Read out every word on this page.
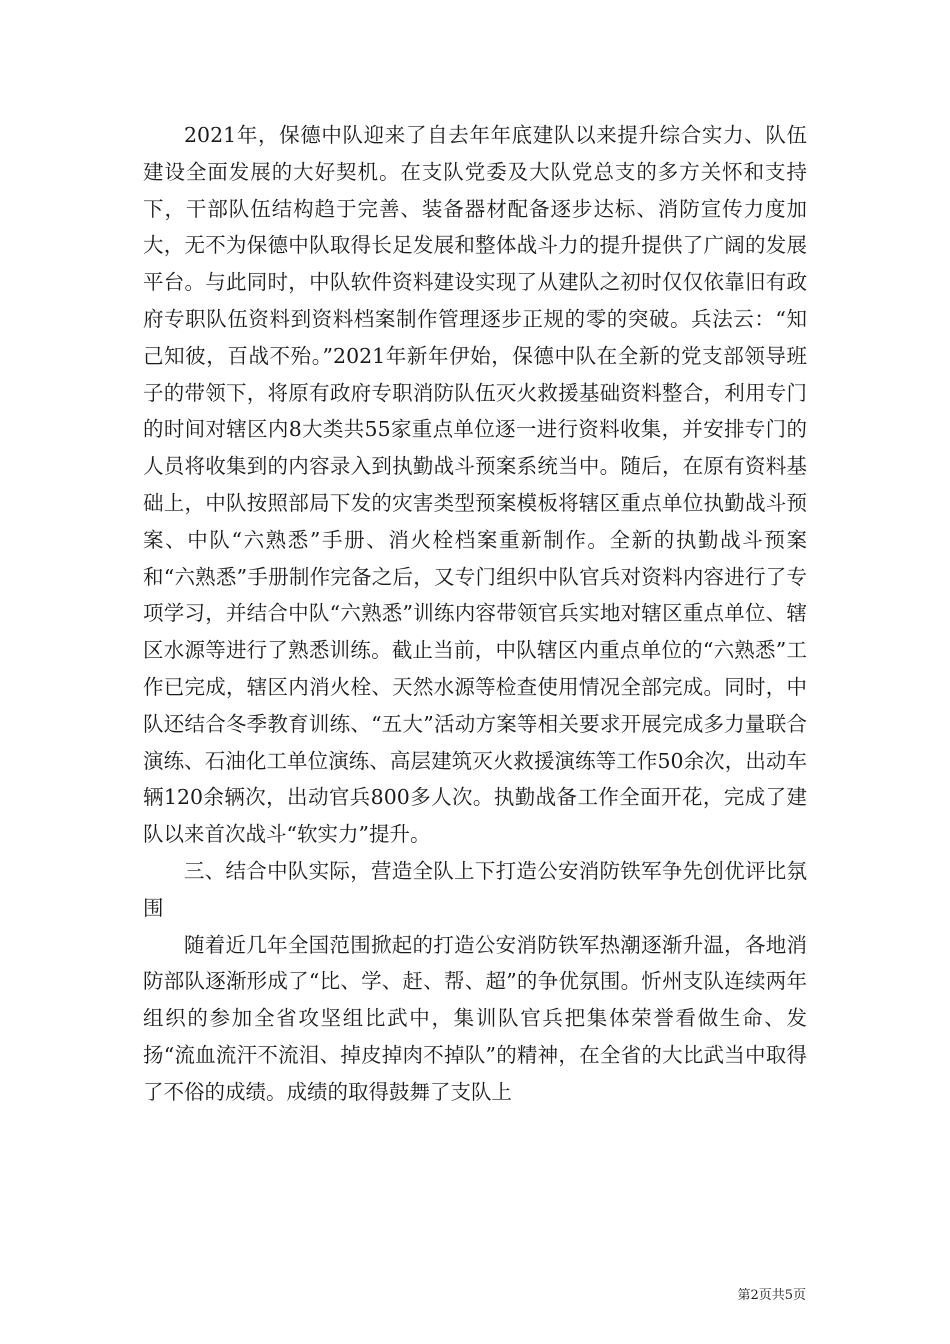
2021年，保德中队迎来了自去年年底建队以来提升综合实力、队伍建设全面发展的大好契机。在支队党委及大队党总支的多方关怀和支持下，干部队伍结构趋于完善、装备器材配备逐步达标、消防宣传力度加大，无不为保德中队取得长足发展和整体战斗力的提升提供了广阔的发展平台。与此同时，中队软件资料建设实现了从建队之初时仅仅依靠旧有政府专职队伍资料到资料档案制作管理逐步正规的零的突破。兵法云：“知己知彼，百战不殆。”2021年新年伊始，保德中队在全新的党支部领导班子的带领下，将原有政府专职消防队伍灭火救援基础资料整合，利用专门的时间对辖区内8大类共55家重点单位逐一进行资料收集，并安排专门的人员将收集到的内容录入到执勤战斗预案系统当中。随后，在原有资料基础上，中队按照部局下发的灾害类型预案模板将辖区重点单位执勤战斗预案、中队“六熟悉”手册、消火栓档案重新制作。全新的执勤战斗预案和“六熟悉”手册制作完备之后，又专门组织中队官兵对资料内容进行了专项学习，并结合中队“六熟悉”训练内容带领官兵实地对辖区重点单位、辖区水源等进行了熟悉训练。截止当前，中队辖区内重点单位的“六熟悉”工作已完成，辖区内消火栓、天然水源等检查使用情况全部完成。同时，中队还结合冬季教育训练、“五大”活动方案等相关要求开展完成多力量联合演练、石油化工单位演练、高层建筑灭火救援演练等工作50余次，出动车辆120余辆次，出动官兵800多人次。执勤战备工作全面开花，完成了建队以来首次战斗“软实力”提升。

三、结合中队实际，营造全队上下打造公安消防铁军争先创优评比氛围

随着近几年全国范围掀起的打造公安消防铁军热潮逐渐升温，各地消防部队逐渐形成了“比、学、赶、帮、超”的争优氛围。忻州支队连续两年组织的参加全省攻坚组比武中，集训队官兵把集体荣誉看做生命、发扬“流血流汗不流泪、掉皮掉肉不掉队”的精神，在全省的大比武当中取得了不俗的成绩。成绩的取得鼓舞了支队上

第2页共5页
